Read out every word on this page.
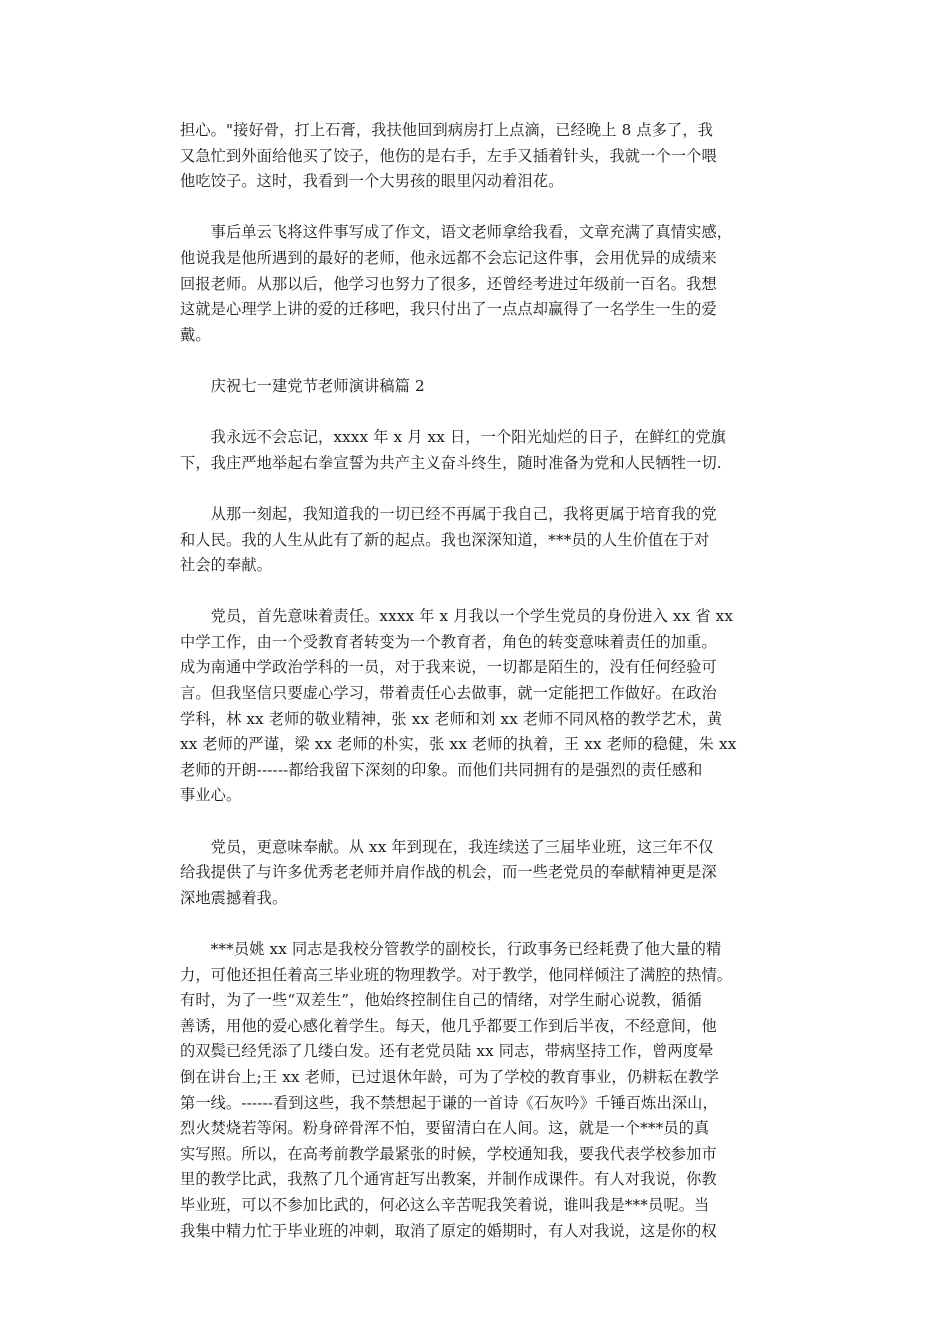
担心。"接好骨，打上石膏，我扶他回到病房打上点滴，已经晚上 8 点多了，我
又急忙到外面给他买了饺子，他伤的是右手，左手又插着针头，我就一个一个喂
他吃饺子。这时，我看到一个大男孩的眼里闪动着泪花。
　　事后单云飞将这件事写成了作文，语文老师拿给我看，文章充满了真情实感，
他说我是他所遇到的最好的老师，他永远都不会忘记这件事，会用优异的成绩来
回报老师。从那以后，他学习也努力了很多，还曾经考进过年级前一百名。我想
这就是心理学上讲的爱的迁移吧，我只付出了一点点却赢得了一名学生一生的爱
戴。
　　庆祝七一建党节老师演讲稿篇 2
　　我永远不会忘记，xxxx 年 x 月 xx 日，一个阳光灿烂的日子，在鲜红的党旗
下，我庄严地举起右拳宣誓为共产主义奋斗终生，随时准备为党和人民牺牲一切.
　　从那一刻起，我知道我的一切已经不再属于我自己，我将更属于培育我的党
和人民。我的人生从此有了新的起点。我也深深知道，***员的人生价值在于对
社会的奉献。
　　党员，首先意味着责任。xxxx 年 x 月我以一个学生党员的身份进入 xx 省 xx
中学工作，由一个受教育者转变为一个教育者，角色的转变意味着责任的加重。
成为南通中学政治学科的一员，对于我来说，一切都是陌生的，没有任何经验可
言。但我坚信只要虚心学习，带着责任心去做事，就一定能把工作做好。在政治
学科，林 xx 老师的敬业精神，张 xx 老师和刘 xx 老师不同风格的教学艺术，黄
xx 老师的严谨，梁 xx 老师的朴实，张 xx 老师的执着，王 xx 老师的稳健，朱 xx
老师的开朗------都给我留下深刻的印象。而他们共同拥有的是强烈的责任感和
事业心。
　　党员，更意味奉献。从 xx 年到现在，我连续送了三届毕业班，这三年不仅
给我提供了与许多优秀老老师并肩作战的机会，而一些老党员的奉献精神更是深
深地震撼着我。
　　***员姚 xx 同志是我校分管教学的副校长，行政事务已经耗费了他大量的精
力，可他还担任着高三毕业班的物理教学。对于教学，他同样倾注了满腔的热情。
有时，为了一些“双差生”，他始终控制住自己的情绪，对学生耐心说教，循循
善诱，用他的爱心感化着学生。每天，他几乎都要工作到后半夜，不经意间，他
的双鬓已经凭添了几缕白发。还有老党员陆 xx 同志，带病坚持工作，曾两度晕
倒在讲台上;王 xx 老师，已过退休年龄，可为了学校的教育事业，仍耕耘在教学
第一线。------看到这些，我不禁想起于谦的一首诗《石灰吟》千锤百炼出深山，
烈火焚烧若等闲。粉身碎骨浑不怕，要留清白在人间。这，就是一个***员的真
实写照。所以，在高考前教学最紧张的时候，学校通知我，要我代表学校参加市
里的教学比武，我熬了几个通宵赶写出教案，并制作成课件。有人对我说，你教
毕业班，可以不参加比武的，何必这么辛苦呢我笑着说，谁叫我是***员呢。当
我集中精力忙于毕业班的冲刺，取消了原定的婚期时，有人对我说，这是你的权
